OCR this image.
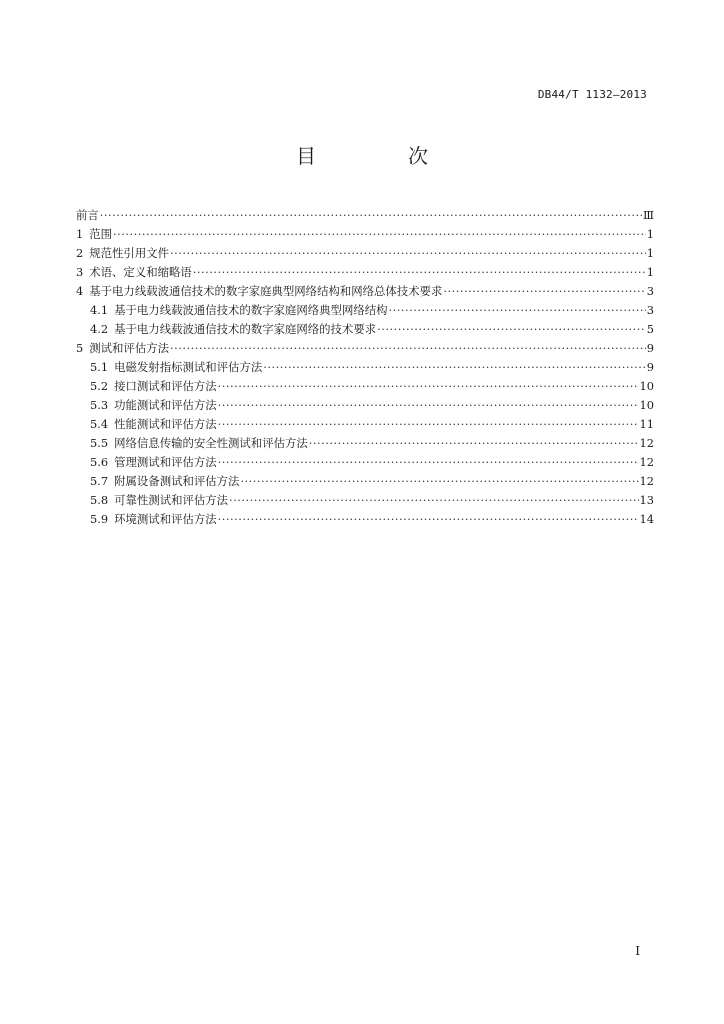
DB44/T 1132—2013
目　次
前言 ·····	Ⅲ
1 范围 ·····	1
2 规范性引用文件 ·····	1
3 术语、定义和缩略语 ·····	1
4 基于电力线载波通信技术的数字家庭典型网络结构和网络总体技术要求 ·····	3
4.1 基于电力线载波通信技术的数字家庭网络典型网络结构 ·····	3
4.2 基于电力线载波通信技术的数字家庭网络的技术要求 ·····	5
5 测试和评估方法 ·····	9
5.1 电磁发射指标测试和评估方法 ·····	9
5.2 接口测试和评估方法 ·····	10
5.3 功能测试和评估方法 ·····	10
5.4 性能测试和评估方法 ·····	11
5.5 网络信息传输的安全性测试和评估方法 ·····	12
5.6 管理测试和评估方法 ·····	12
5.7 附属设备测试和评估方法 ·····	12
5.8 可靠性测试和评估方法 ·····	13
5.9 环境测试和评估方法 ·····	14
I
